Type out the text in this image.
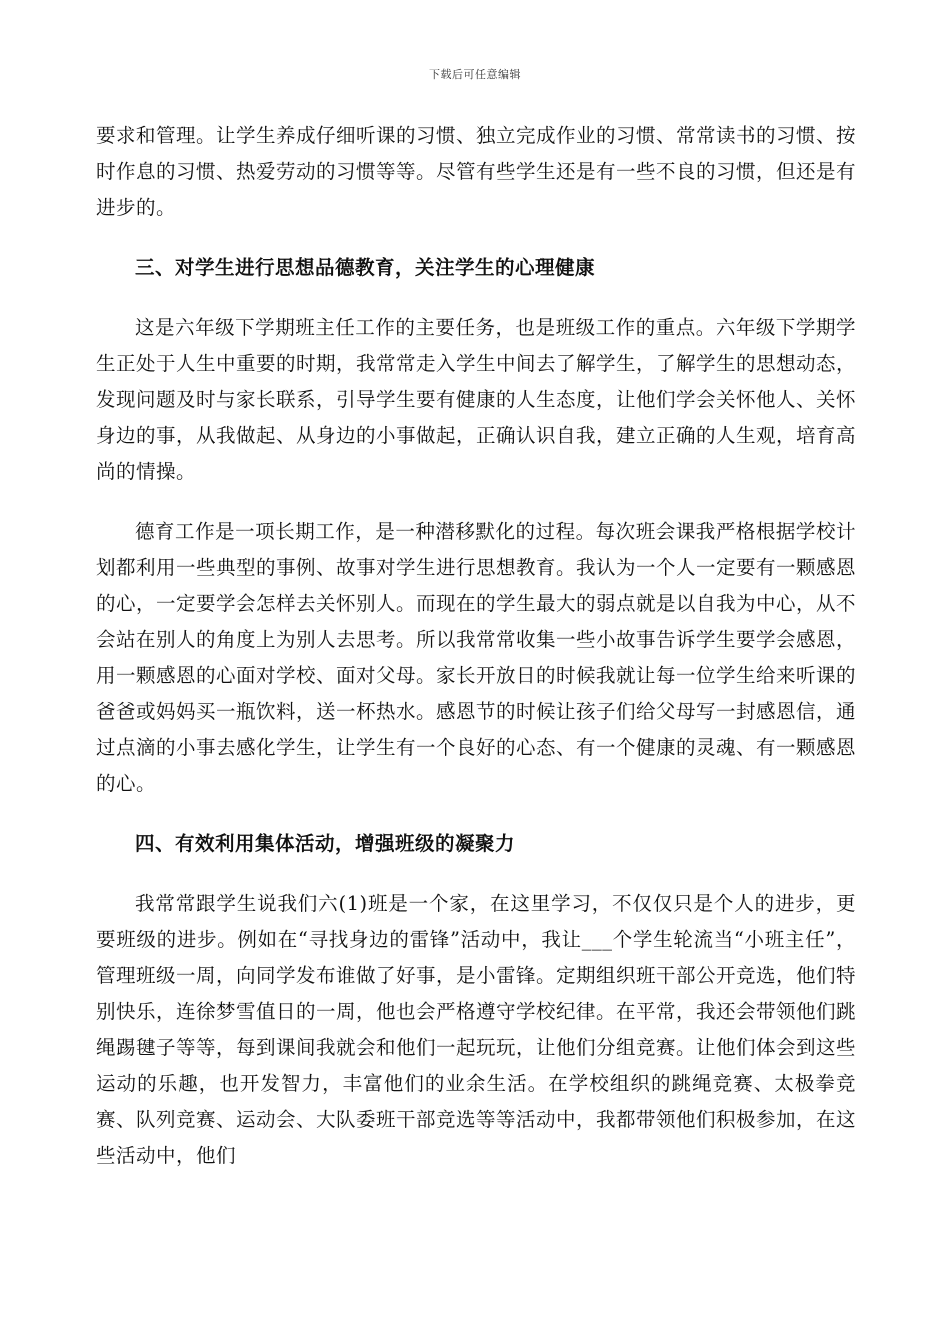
下载后可任意编辑

要求和管理。让学生养成仔细听课的习惯、独立完成作业的习惯、常常读书的习惯、按时作息的习惯、热爱劳动的习惯等等。尽管有些学生还是有一些不良的习惯，但还是有进步的。

三、对学生进行思想品德教育，关注学生的心理健康

这是六年级下学期班主任工作的主要任务，也是班级工作的重点。六年级下学期学生正处于人生中重要的时期，我常常走入学生中间去了解学生，了解学生的思想动态，发现问题及时与家长联系，引导学生要有健康的人生态度，让他们学会关怀他人、关怀身边的事，从我做起、从身边的小事做起，正确认识自我，建立正确的人生观，培育高尚的情操。

德育工作是一项长期工作，是一种潜移默化的过程。每次班会课我严格根据学校计划都利用一些典型的事例、故事对学生进行思想教育。我认为一个人一定要有一颗感恩的心，一定要学会怎样去关怀别人。而现在的学生最大的弱点就是以自我为中心，从不会站在别人的角度上为别人去思考。所以我常常收集一些小故事告诉学生要学会感恩，用一颗感恩的心面对学校、面对父母。家长开放日的时候我就让每一位学生给来听课的爸爸或妈妈买一瓶饮料，送一杯热水。感恩节的时候让孩子们给父母写一封感恩信，通过点滴的小事去感化学生，让学生有一个良好的心态、有一个健康的灵魂、有一颗感恩的心。

四、有效利用集体活动，增强班级的凝聚力

我常常跟学生说我们六(1)班是一个家，在这里学习，不仅仅只是个人的进步，更要班级的进步。例如在“寻找身边的雷锋”活动中，我让___个学生轮流当“小班主任”，管理班级一周，向同学发布谁做了好事，是小雷锋。定期组织班干部公开竞选，他们特别快乐，连徐梦雪值日的一周，他也会严格遵守学校纪律。在平常，我还会带领他们跳绳踢毽子等等，每到课间我就会和他们一起玩玩，让他们分组竞赛。让他们体会到这些运动的乐趣，也开发智力，丰富他们的业余生活。在学校组织的跳绳竞赛、太极拳竞赛、队列竞赛、运动会、大队委班干部竞选等等活动中，我都带领他们积极参加，在这些活动中，他们
